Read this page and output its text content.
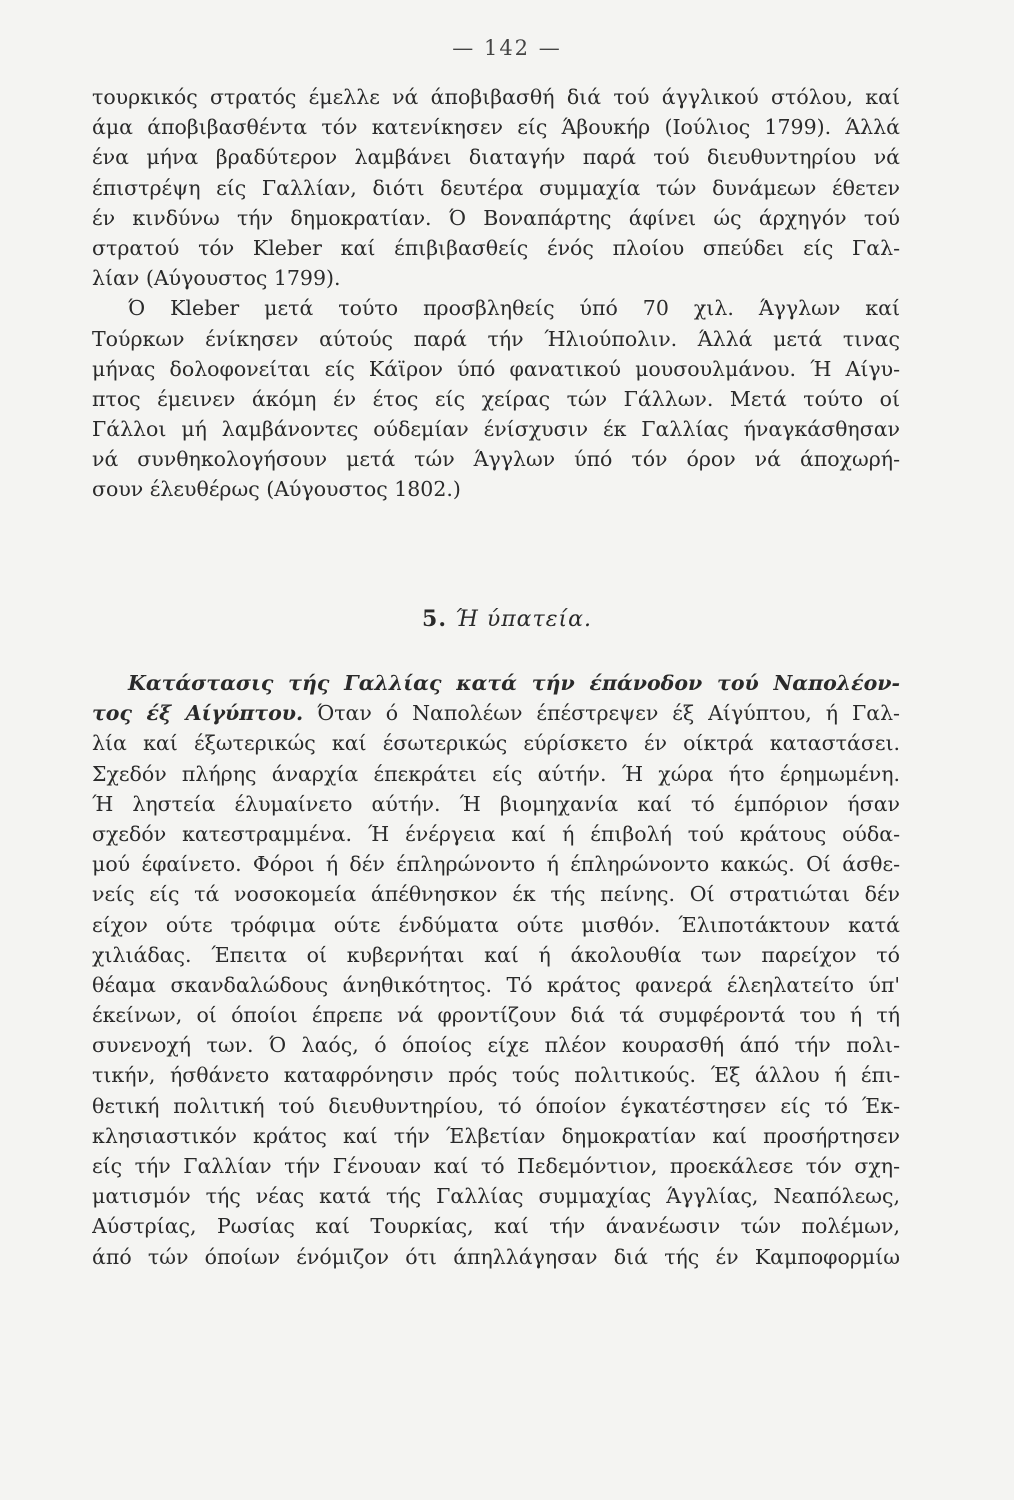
— 142 —
τουρκικός στρατός έμελλε νά άποβιβασθή διά τού άγγλικού στόλου, καί
άμα άποβιβασθέντα τόν κατενίκησεν είς Άβουκήρ (Ιούλιος 1799). Άλλά
ένα μήνα βραδύτερον λαμβάνει διαταγήν παρά τού διευθυντηρίου νά
έπιστρέψη είς Γαλλίαν, διότι δευτέρα συμμαχία τών δυνάμεων έθετεν
έν κινδύνω τήν δημοκρατίαν. Ό Βοναπάρτης άφίνει ώς άρχηγόν τού
στρατού τόν Kleber καί έπιβιβασθείς ένός πλοίου σπεύδει είς Γαλ-
λίαν (Αύγουστος 1799).
Ό Kleber μετά τούτο προσβληθείς ύπό 70 χιλ. Άγγλων καί
Τούρκων ένίκησεν αύτούς παρά τήν Ήλιούπολιν. Άλλά μετά τινας
μήνας δολοφονείται είς Κάϊρον ύπό φανατικού μουσουλμάνου. Ή Αίγυ-
πτος έμεινεν άκόμη έν έτος είς χείρας τών Γάλλων. Μετά τούτο οί
Γάλλοι μή λαμβάνοντες ούδεμίαν ένίσχυσιν έκ Γαλλίας ήναγκάσθησαν
νά συνθηκολογήσουν μετά τών Άγγλων ύπό τόν όρον νά άποχωρή-
σουν έλευθέρως (Αύγουστος 1802.)
5. Ή ύπατεία.
Κατάστασις τής Γαλλίας κατά τήν έπάνοδον τού Ναπολέον-
τος έξ Αίγύπτου. Όταν ό Ναπολέων έπέστρεψεν έξ Αίγύπτου, ή Γαλ-
λία καί έξωτερικώς καί έσωτερικώς εύρίσκετο έν οίκτρά καταστάσει.
Σχεδόν πλήρης άναρχία έπεκράτει είς αύτήν. Ή χώρα ήτο έρημωμένη.
Ή ληστεία έλυμαίνετο αύτήν. Ή βιομηχανία καί τό έμπόριον ήσαν
σχεδόν κατεστραμμένα. Ή ένέργεια καί ή έπιβολή τού κράτους ούδα-
μού έφαίνετο. Φόροι ή δέν έπληρώνοντο ή έπληρώνοντο κακώς. Οί άσθε-
νείς είς τά νοσοκομεία άπέθνησκον έκ τής πείνης. Οί στρατιώται δέν
είχον ούτε τρόφιμα ούτε ένδύματα ούτε μισθόν. Έλιποτάκτουν κατά
χιλιάδας. Έπειτα οί κυβερνήται καί ή άκολουθία των παρείχον τό
θέαμα σκανδαλώδους άνηθικότητος. Τό κράτος φανερά έλεηλατείτο ύπ'
έκείνων, οί όποίοι έπρεπε νά φροντίζουν διά τά συμφέροντά του ή τή
συνενοχή των. Ό λαός, ό όποίος είχε πλέον κουρασθή άπό τήν πολι-
τικήν, ήσθάνετο καταφρόνησιν πρός τούς πολιτικούς. Έξ άλλου ή έπι-
θετική πολιτική τού διευθυντηρίου, τό όποίον έγκατέστησεν είς τό Έκ-
κλησιαστικόν κράτος καί τήν Έλβετίαν δημοκρατίαν καί προσήρτησεν
είς τήν Γαλλίαν τήν Γένουαν καί τό Πεδεμόντιον, προεκάλεσε τόν σχη-
ματισμόν τής νέας κατά τής Γαλλίας συμμαχίας Άγγλίας, Νεαπόλεως,
Αύστρίας, Ρωσίας καί Τουρκίας, καί τήν άνανέωσιν τών πολέμων,
άπό τών όποίων ένόμιζον ότι άπηλλάγησαν διά τής έν Καμποφορμίω
